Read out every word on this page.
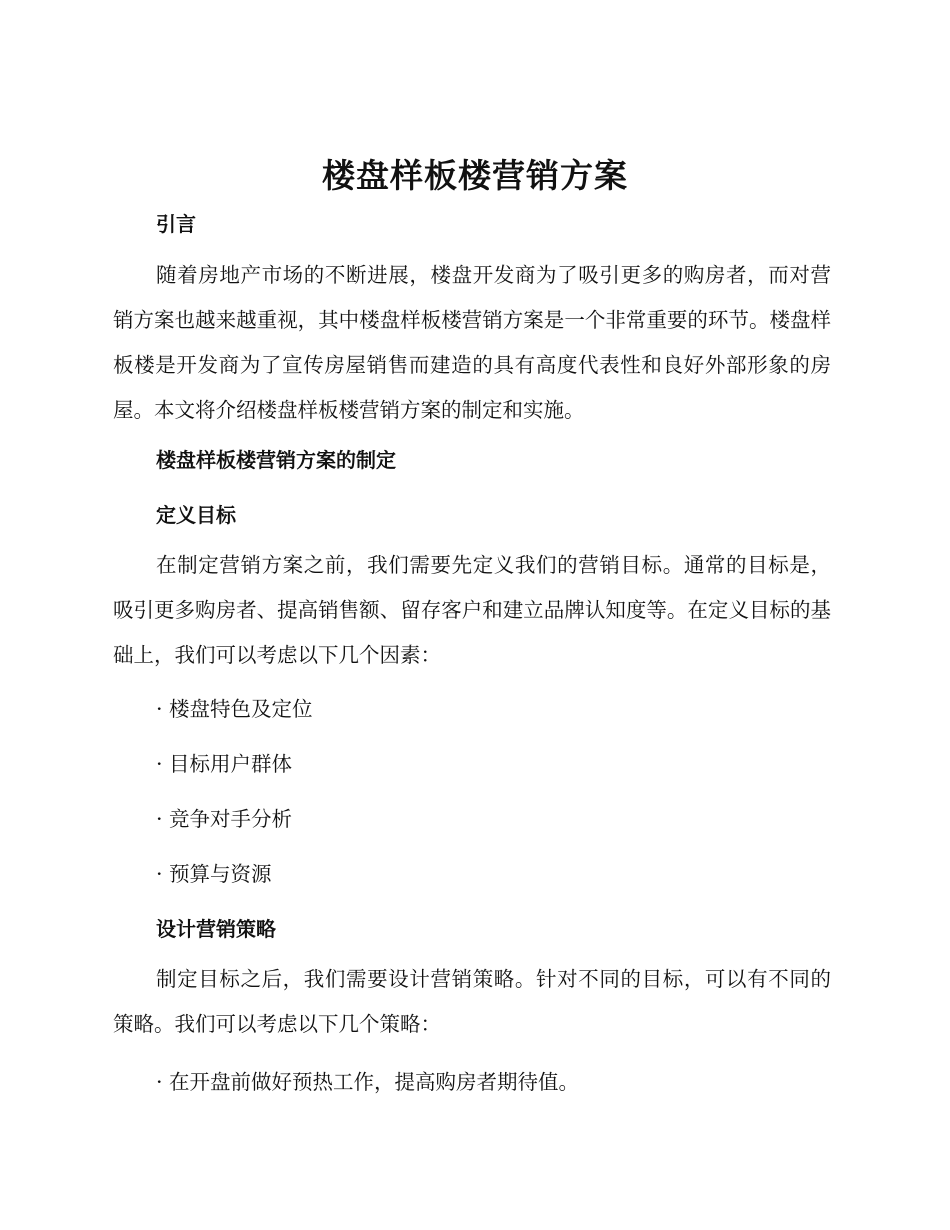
楼盘样板楼营销方案
引言

随着房地产市场的不断进展，楼盘开发商为了吸引更多的购房者，而对营销方案也越来越重视，其中楼盘样板楼营销方案是一个非常重要的环节。楼盘样板楼是开发商为了宣传房屋销售而建造的具有高度代表性和良好外部形象的房屋。本文将介绍楼盘样板楼营销方案的制定和实施。

楼盘样板楼营销方案的制定
定义目标

在制定营销方案之前，我们需要先定义我们的营销目标。通常的目标是，吸引更多购房者、提高销售额、留存客户和建立品牌认知度等。在定义目标的基础上，我们可以考虑以下几个因素：

· 楼盘特色及定位

· 目标用户群体

· 竞争对手分析

· 预算与资源

设计营销策略

制定目标之后，我们需要设计营销策略。针对不同的目标，可以有不同的策略。我们可以考虑以下几个策略：

· 在开盘前做好预热工作，提高购房者期待值。
